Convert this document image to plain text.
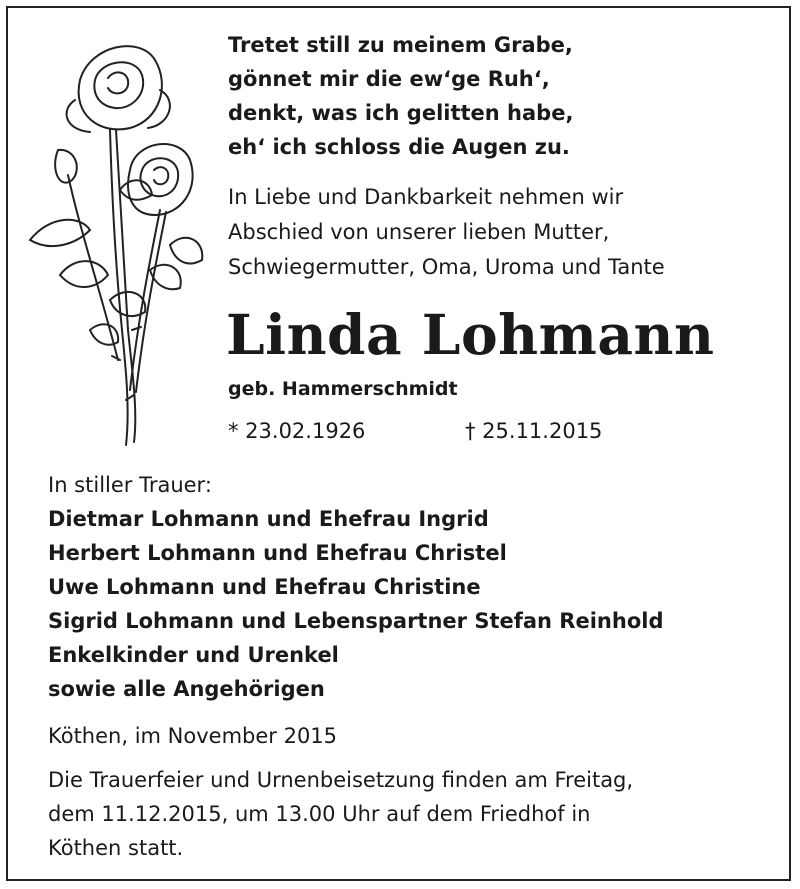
Tretet still zu meinem Grabe,
gönnet mir die ew‘ge Ruh‘,
denkt, was ich gelitten habe,
eh‘ ich schloss die Augen zu.
In Liebe und Dankbarkeit nehmen wir
Abschied von unserer lieben Mutter,
Schwiegermutter, Oma, Uroma und Tante
Linda Lohmann
geb. Hammerschmidt
* 23.02.1926	† 25.11.2015
In stiller Trauer:
Dietmar Lohmann und Ehefrau Ingrid
Herbert Lohmann und Ehefrau Christel
Uwe Lohmann und Ehefrau Christine
Sigrid Lohmann und Lebenspartner Stefan Reinhold
Enkelkinder und Urenkel
sowie alle Angehörigen
Köthen, im November 2015
Die Trauerfeier und Urnenbeisetzung finden am Freitag,
dem 11.12.2015, um 13.00 Uhr auf dem Friedhof in
Köthen statt.
